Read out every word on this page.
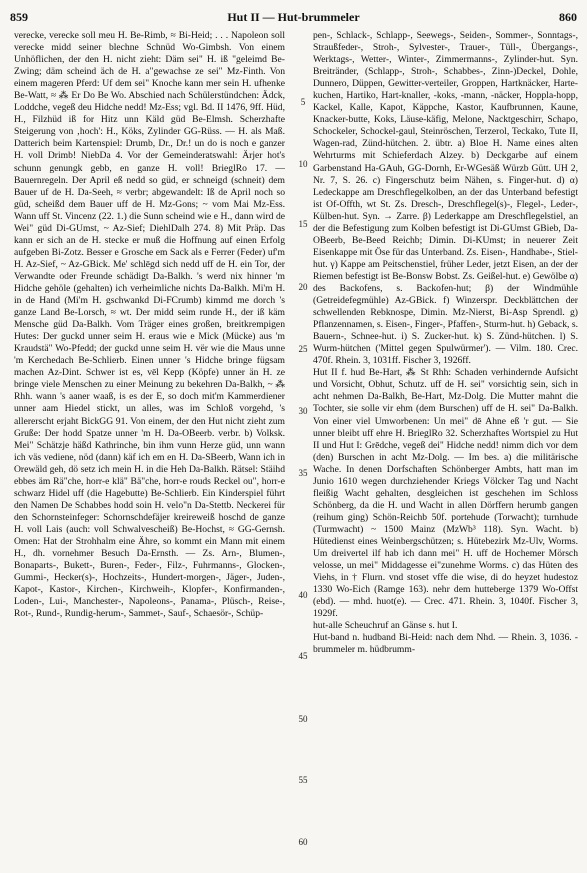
859	Hut II — Hut-brummeler	860

verecke, verecke soll meu H. Be-Rimb, ≈ Bi-Heid; . . . Napoleon soll verecke midd seiner blechne Schnüd Wo-Gimbsh. Von einem Unhöflichen, der den H. nicht zieht: Däm sei" H. iß "geleimd Be-Zwing; däm scheind äch de H. a"gewachse ze sei" Mz-Finth. Von einem mageren Pferd: Uf dem sei" Knoche kann mer sein H. ufhenke Be-Watt, ≈ ⁂ Er Do Be Wo. Abschied nach Schülerstündchen: Ädck, Loddche, vegeß deu Hidche nedd! Mz-Ess; vgl. Bd. II 1476, 9ff. Hüd, H., Filzhüd iß for Hitz unn Käld güd Be-Elmsh. Scherzhafte Steigerung von ‚hoch': H., Köks, Zylinder GG-Rüss. — H. als Maß. Datterich beim Kartenspiel: Drumb, Dr., Dr.! un do is noch e ganzer H. voll Drimb! NiebDa 4. Vor der Gemeinderatswahl: Ärjer hot's schunn genungk gebb, en ganze H. voll! BrieglRo 17. — Bauernregeln. Der April eß nedd so güd, er schneigd (schneit) dem Bauer uf de H. Da-Seeh, ≈ verbr; abgewandelt: Iß de April noch so güd, scheißd dem Bauer uff de H. Mz-Gons; ~ vom Mai Mz-Ess. Wann uff St. Vincenz (22. 1.) die Sunn scheind wie e H., dann wird de Wei" güd Di-GUmst, ~ Az-Sief; DiehlDalh 274. 8) Mit Präp. Das kann er sich an de H. stecke er muß die Hoffnung auf einen Erfolg aufgeben Bi-Zotz. Besser e Grosche em Sack als e Ferrer (Feder) uf'm H. Az-Sief, ~ Az-GBick. Me' schlēgd sich nedd uff de H. ein Tor, der Verwandte oder Freunde schädigt Da-Balkh. 's werd nix hinner 'm Hidche gehöle (gehalten) ich verheimliche nichts Da-Balkh. Mi'm H. in de Hand (Mi'm H. gschwankd Di-FCrumb) kimmd me dorch 's ganze Land Be-Lorsch, ≈ wt. Der midd seim runde H., der iß käm Mensche güd Da-Balkh. Vom Träger eines großen, breitkrempigen Hutes: Der guckd unner seim H. eraus wie e Mick (Mücke) aus 'm Kraudstä" Wo-Pfedd; der guckd unne seim H. vër wie die Maus unne 'm Kerchedach Be-Schlierb. Einen unner 's Hidche bringe fügsam machen Az-Dint. Schwer ist es, vēl Kepp (Köpfe) unner än H. ze bringe viele Menschen zu einer Meinung zu bekehren Da-Balkh, ~ ⁂ Rhh. wann 's aaner waaß, is es der E, so doch mit'm Kammerdiener unner aam Hiedel stickt, un alles, was im Schloß vorgehd, 's allererscht erjaht BickGG 91. Von einem, der den Hut nicht zieht zum Gruße: Der hodd Spatze unner 'm H. Da-OBeerb. verbr. b) Volksk. Mei" Schätzje häßd Kathrinche, bin ihm vunn Herze güd, unn wann ich väs vediene, nöd (dann) käf ich em en H. Da-SBeerb, Wann ich in Orewäld geh, dö setz ich mein H. in die Heh Da-Balkh. Rätsel: Stäihd ebbes äm Rä"che, horr-e klä" Bä"che, horr-e rouds Reckel ou", horr-e schwarz Hidel uff (die Hagebutte) Be-Schlierb. Ein Kinderspiel führt den Namen De Schabbes hodd soin H. velo"n Da-Stettb. Neckerei für den Schornsteinfeger: Schornschdefäjer kreireweiß hoschd de ganze H. voll Lais (auch: voll Schwalvescheiß) Be-Hochst, ≈ GG-Gernsh. Omen: Hat der Strohhalm eine Ähre, so kommt ein Mann mit einem H., dh. vornehmer Besuch Da-Ernsth. — Zs. Arn-, Blumen-, Bonaparts-, Bukett-, Buren-, Feder-, Filz-, Fuhrmanns-, Glocken-, Gummi-, Hecker(s)-, Hochzeits-, Hundert-morgen-, Jäger-, Juden-, Kapot-, Kastor-, Kirchen-, Kirchweih-, Klopfer-, Konfirmanden-, Loden-, Lui-, Manchester-, Napoleons-, Panama-, Plüsch-, Reise-, Rot-, Rund-, Rundig-herum-, Sammet-, Sauf-, Schaesör-, Schüp-

5
10
15
20
25
30
35
40
45
50
55
60

pen-, Schlack-, Schlapp-, Seewegs-, Seiden-, Sommer-, Sonntags-, Straußfeder-, Stroh-, Sylvester-, Trauer-, Tüll-, Übergangs-, Werktags-, Wetter-, Winter-, Zimmermanns-, Zylinder-hut. Syn. Breitränder, (Schlapp-, Stroh-, Schabbes-, Zinn-)Deckel, Dohle, Dunnero, Düppen, Gewitter-verteiler, Groppen, Hartknäcker, Harte-kuchen, Hartiko, Hart-knaller, -koks, -mann, -näcker, Hoppla-hopp, Kackel, Kalle, Kapot, Käppche, Kastor, Kaufbrunnen, Kaune, Knacker-butte, Koks, Läuse-käfig, Melone, Nacktgeschirr, Schapo, Schockeler, Schockel-gaul, Steinröschen, Terzerol, Teckako, Tute II, Wagen-rad, Zünd-hütchen. 2. übtr. a) Bloe H. Name eines alten Wehrturms mit Schieferdach Alzey. b) Deckgarbe auf einem Garbenstand Ha-GAuh, GG-Dornh, Er-WGesäß Würzb Gütt. UH 2, Nr. 7, S. 26. c) Fingerschutz beim Nähen, s. Finger-hut. d) α) Ledeckappe am Dreschflegelkolben, an der das Unterband befestigt ist Of-Offth, wt St. Zs. Dresch-, Dreschflegel(s)-, Flegel-, Leder-, Külben-hut. Syn. → Zarre. β) Lederkappe am Dreschflegelstiel, an der die Befestigung zum Kolben befestigt ist Di-GUmst GBieb, Da-OBeerb, Be-Beed Reichb; Dimin. Di-KUmst; in neuerer Zeit Eisenkappe mit Öse für das Unterband. Zs. Eisen-, Handhabe-, Stiel-hut. γ) Kappe am Peitschenstiel, früher Leder, jetzt Eisen, an der der Riemen befestigt ist Be-Bonsw Bobst. Zs. Geißel-hut. e) Gewölbe α) des Backofens, s. Backofen-hut; β) der Windmühle (Getreidefegmühle) Az-GBick. f) Winzerspr. Deckblättchen der schwellenden Rebknospe, Dimin. Mz-Nierst, Bi-Asp Sprendl. g) Pflanzennamen, s. Eisen-, Finger-, Pfaffen-, Sturm-hut. h) Geback, s. Bauern-, Schnee-hut. i) S. Zucker-hut. k) S. Zünd-hütchen. l) S. Wurm-hütchen ('Mittel gegen Spulwürmer'). — Vilm. 180. Crec. 470f. Rhein. 3, 1031ff. Fischer 3, 1926ff.

Hut II f. hud Be-Hart, ⁂ St Rhh: Schaden verhindernde Aufsicht und Vorsicht, Obhut, Schutz. uff de H. sei" vorsichtig sein, sich in acht nehmen Da-Balkh, Be-Hart, Mz-Dolg. Die Mutter mahnt die Tochter, sie solle vir ehm (dem Burschen) uff de H. sei" Da-Balkh. Von einer viel Umworbenen: Un mei" dē Ahne eß 'r gut. — Sie unner bleibt uff ehre H. BrieglRo 32. Scherzhaftes Wortspiel zu Hut II und Hut I: Grēdche, vegeß dei" Hidche nedd! nimm dich vor dem (den) Burschen in acht Mz-Dolg. — Im bes. a) die militärische Wache. In denen Dorfschaften Schönberger Ambts, hatt man im Junio 1610 wegen durchziehender Kriegs Völcker Tag und Nacht fleißig Wacht gehalten, desgleichen ist geschehen im Schloss Schönberg, da die H. und Wacht in allen Dörffern herumb gangen (reihum ging) Schön-Reichb 50f. portehude (Torwacht); turnhude (Turmwacht) ~ 1500 Mainz (MzWb³ 118). Syn. Wacht. b) Hütedienst eines Weinbergschützen; s. Hütebezirk Mz-Ulv, Worms. Um dreivertel ilf hab ich dann mei" H. uff de Hochemer Mörsch velosse, un mei" Middagesse ei"zunehme Worms. c) das Hüten des Viehs, in † Flurn. vnd stoset vffe die wise, di do heyzet hudestoz 1330 Wo-Eich (Ramge 163). nehr dem hutteberge 1379 Wo-Offst (ebd). — mhd. huot(e). — Crec. 471. Rhein. 3, 1040f. Fischer 3, 1929f.

hut-alle Scheuchruf an Gänse s. hut I.

Hut-band n. hudband Bi-Heid: nach dem Nhd. — Rhein. 3, 1036. -brummeler m. hüdbrumm-
